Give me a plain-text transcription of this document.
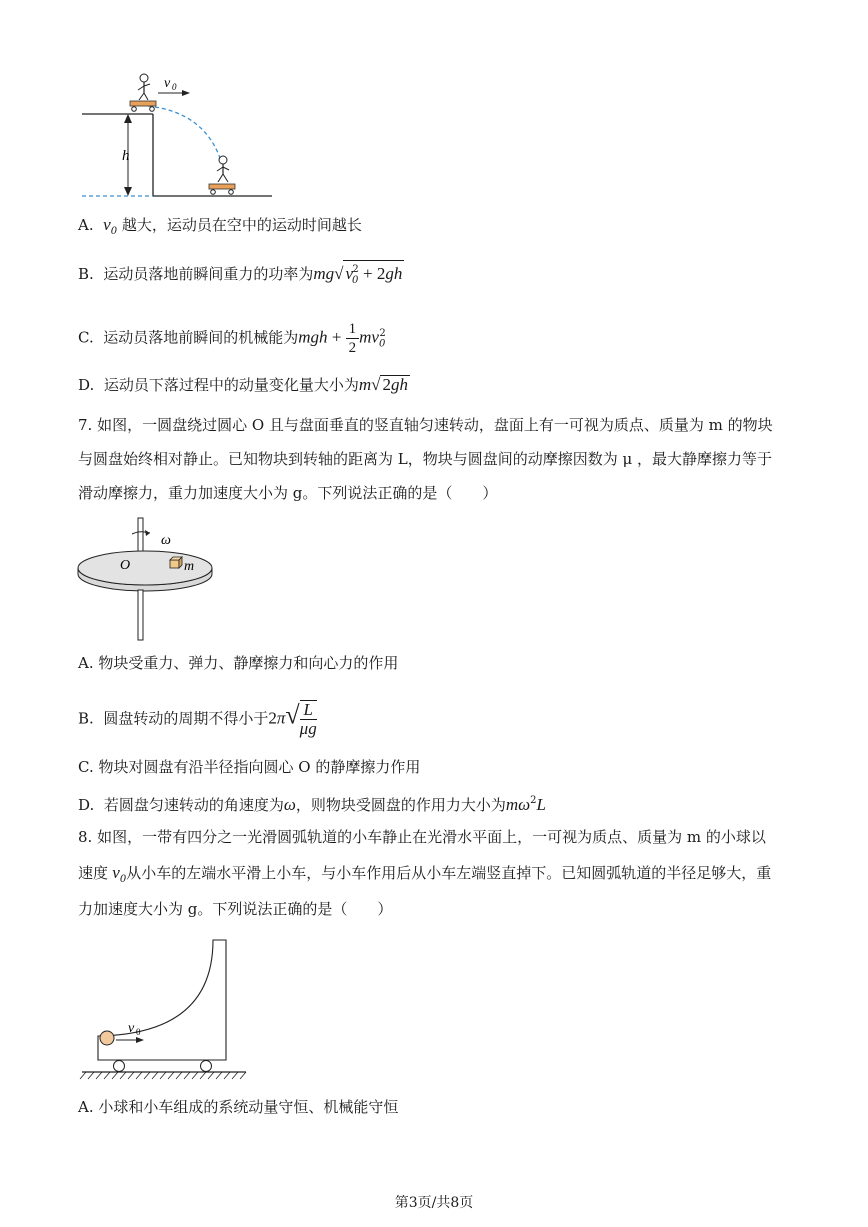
v 0
h
A. $v_0$ 越大，运动员在空中的运动时间越长
B. 运动员落地前瞬间重力的功率为mg√ $v_0^2 + 2gh$
C. 运动员落地前瞬间的机械能为mgh + $\frac{1}{2} mv_0^2$
D. 运动员下落过程中的动量变化量大小为m√ 2gh
7. 如图，一圆盘绕过圆心 O 且与盘面垂直的竖直轴匀速转动，盘面上有一可视为质点、质量为 m 的物块
与圆盘始终相对静止。已知物块到转轴的距离为 L，物块与圆盘间的动摩擦因数为 μ ，最大静摩擦力等于
滑动摩擦力，重力加速度大小为 g。下列说法正确的是（　　）
ω
O	m
A. 物块受重力、弹力、静摩擦力和向心力的作用
B. 圆盘转动的周期不得小于$2\pi√ \frac{L}{\mu g}$
C. 物块对圆盘有沿半径指向圆心 O 的静摩擦力作用
D. 若圆盘匀速转动的角速度为ω，则物块受圆盘的作用力大小为$m\omega^2L$
8. 如图，一带有四分之一光滑圆弧轨道的小车静止在光滑水平面上，一可视为质点、质量为 m 的小球以
速度 $v_0$从小车的左端水平滑上小车，与小车作用后从小车左端竖直掉下。已知圆弧轨道的半径足够大，重
力加速度大小为 g。下列说法正确的是（　　）
v 0
A. 小球和小车组成的系统动量守恒、机械能守恒
第3页/共8页
